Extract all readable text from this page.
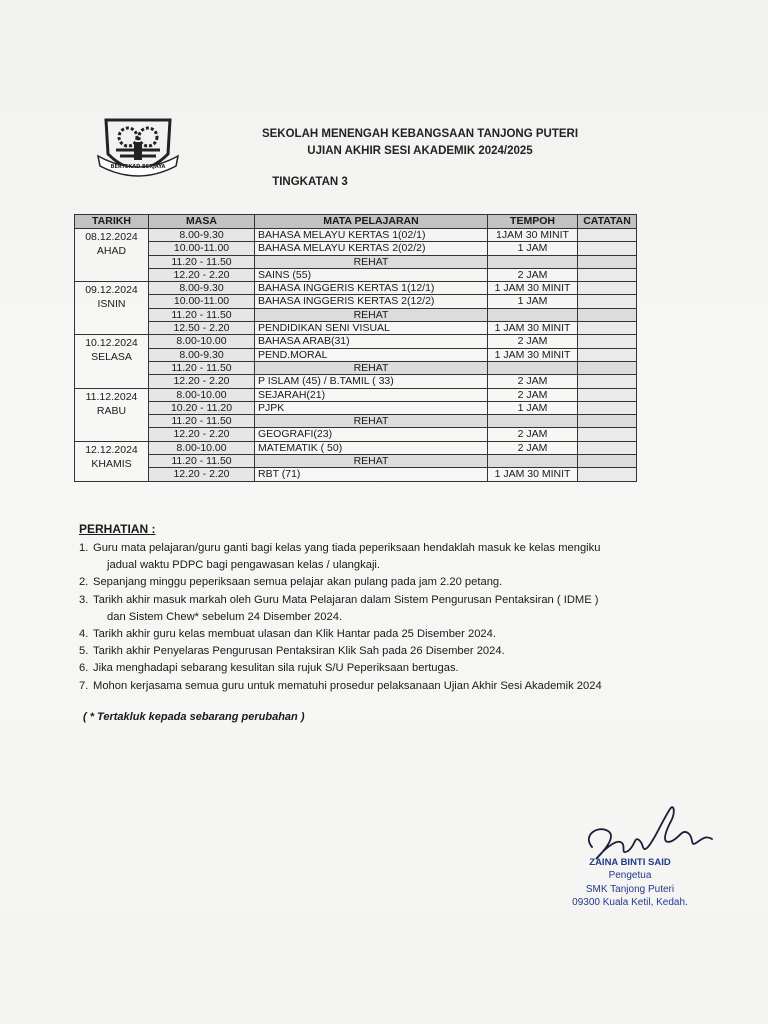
BERTEKAD BERJAYA
SEKOLAH MENENGAH KEBANGSAAN TANJONG PUTERI
UJIAN AKHIR SESI AKADEMIK 2024/2025
TINGKATAN 3
TARIKH	MASA	MATA PELAJARAN	TEMPOH	CATATAN

08.12.2024
AHAD	8.00-9.30	BAHASA MELAYU KERTAS 1(02/1)	1JAM 30 MINIT	
	10.00-11.00	BAHASA MELAYU KERTAS 2(02/2)	1 JAM	
	11.20 - 11.50	REHAT		
	12.20 - 2.20	SAINS (55)	2 JAM	

09.12.2024
ISNIN	8.00-9.30	BAHASA INGGERIS KERTAS 1(12/1)	1 JAM 30 MINIT	
	10.00-11.00	BAHASA INGGERIS KERTAS 2(12/2)	1 JAM	
	11.20 - 11.50	REHAT		
	12.50 - 2.20	PENDIDIKAN SENI VISUAL	1 JAM 30 MINIT	

10.12.2024
SELASA	8.00-10.00	BAHASA ARAB(31)	2 JAM	
	8.00-9.30	PEND.MORAL	1 JAM 30 MINIT	
	11.20 - 11.50	REHAT		
	12.20 - 2.20	P ISLAM (45) / B.TAMIL ( 33)	2 JAM	

11.12.2024
RABU	8.00-10.00	SEJARAH(21)	2 JAM	
	10.20 - 11.20	PJPK	1 JAM	
	11.20 - 11.50	REHAT		
	12.20 - 2.20	GEOGRAFI(23)	2 JAM	

12.12.2024
KHAMIS	8.00-10.00	MATEMATIK ( 50)	2 JAM	
	11.20 - 11.50	REHAT		
	12.20 - 2.20	RBT (71)	1 JAM 30 MINIT	
PERHATIAN :
1. Guru mata pelajaran/guru ganti bagi kelas yang tiada peperiksaan hendaklah masuk ke kelas mengiku
jadual waktu PDPC bagi pengawasan kelas / ulangkaji.
2. Sepanjang minggu peperiksaan semua pelajar akan pulang pada jam 2.20 petang.
3. Tarikh akhir masuk markah oleh Guru Mata Pelajaran dalam Sistem Pengurusan Pentaksiran ( IDME )
dan Sistem Chew* sebelum 24 Disember 2024.
4. Tarikh akhir guru kelas membuat ulasan dan Klik Hantar pada 25 Disember 2024.
5. Tarikh akhir Penyelaras Pengurusan Pentaksiran Klik Sah pada 26 Disember 2024.
6. Jika menghadapi sebarang kesulitan sila rujuk S/U Peperiksaan bertugas.
7. Mohon kerjasama semua guru untuk mematuhi prosedur pelaksanaan Ujian Akhir Sesi Akademik 2024
( * Tertakluk kepada sebarang perubahan )
ZAINA BINTI SAID
Pengetua
SMK Tanjong Puteri
09300 Kuala Ketil, Kedah.
